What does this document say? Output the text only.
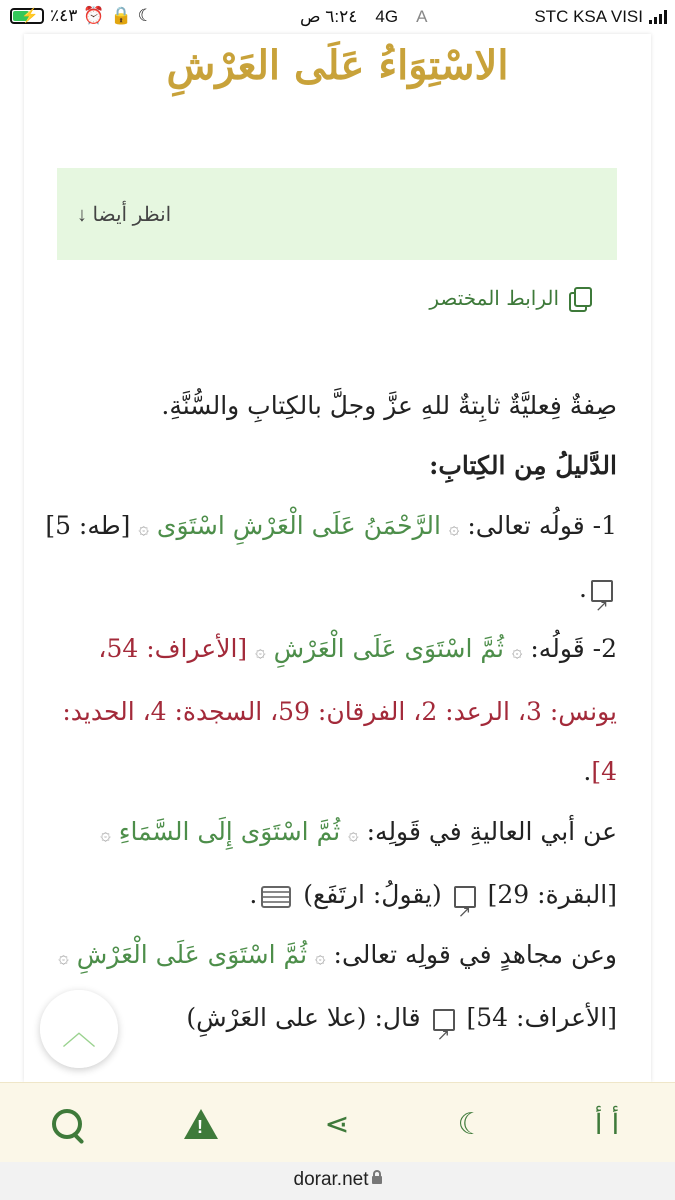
⚡ ٪٤٣ ⏰ 🔒 ☾	٦:٢٤ ص 4G A	STC KSA VISI
الاسْتِوَاءُ عَلَى العَرْشِ
انظر أيضا ↓
الرابط المختصر

صِفةٌ فِعليَّةٌ ثابِتةٌ للهِ عزَّ وجلَّ بالكِتابِ والسُّنَّةِ.

الدَّليلُ مِن الكِتابِ:

1- قولُه تعالى: ۞ الرَّحْمَنُ عَلَى الْعَرْشِ اسْتَوَى ۞ [طه: 5] ↗.

2- قَولُه: ۞ ثُمَّ اسْتَوَى عَلَى الْعَرْشِ ۞ [الأعراف: 54، يونس: 3، الرعد: 2، الفرقان: 59، السجدة: 4، الحديد: 4].

عن أبي العاليةِ في قَولِه: ۞ ثُمَّ اسْتَوَى إِلَى السَّمَاءِ ۞ [البقرة: 29] ↗ (يقولُ: ارتَفَع) .

وعن مجاهدٍ في قولِه تعالى: ۞ ثُمَّ اسْتَوَى عَلَى الْعَرْشِ ۞ [الأعراف: 54] ↗ قال: (علا على العَرْشِ)

︿
!
⋖	☾	أ أ
dorar.net
